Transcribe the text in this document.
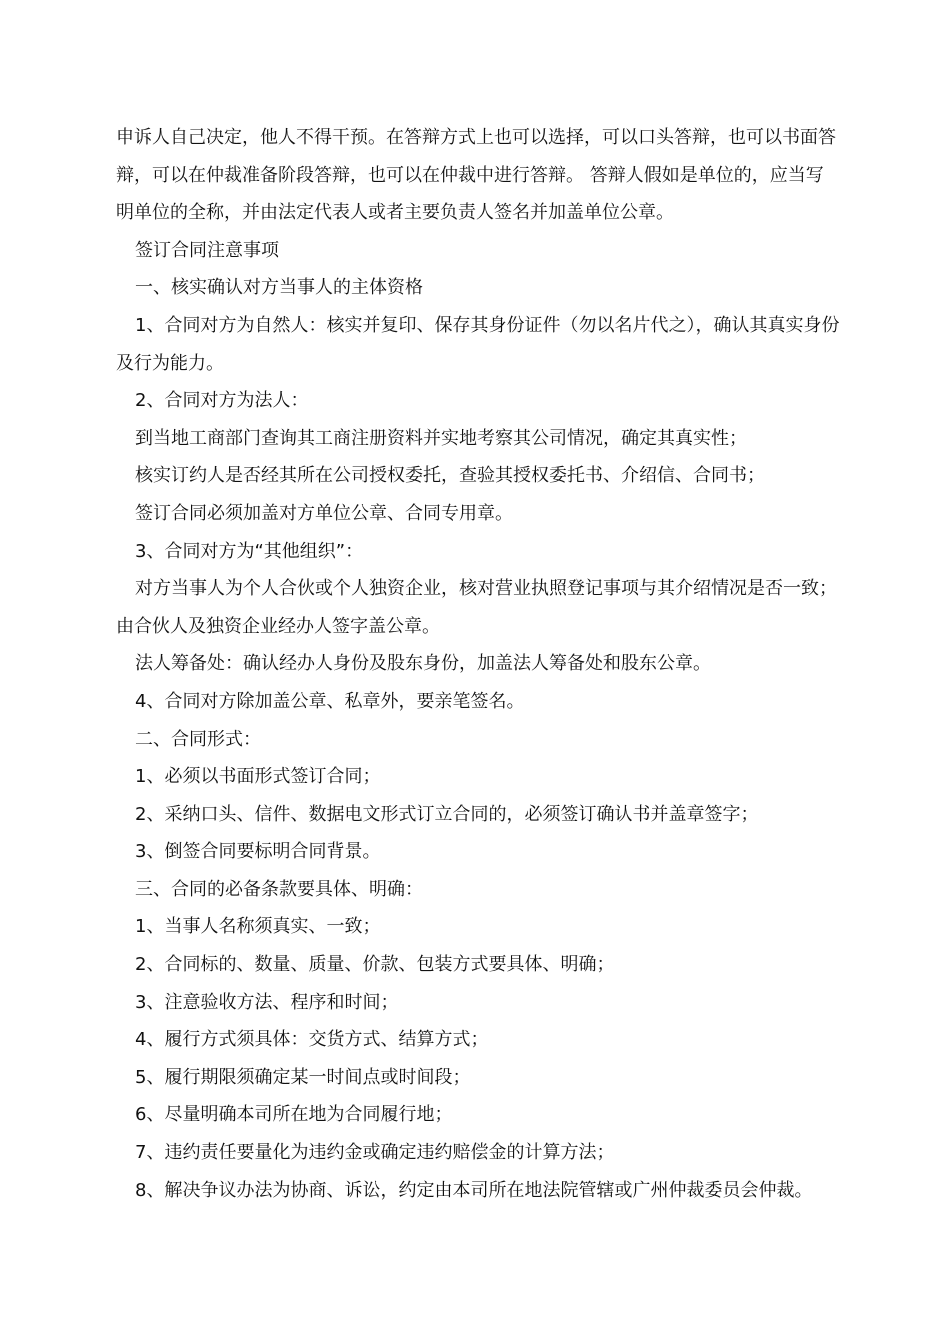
申诉人自己决定，他人不得干预。在答辩方式上也可以选择，可以口头答辩，也可以书面答辩，可以在仲裁准备阶段答辩，也可以在仲裁中进行答辩。 答辩人假如是单位的，应当写明单位的全称，并由法定代表人或者主要负责人签名并加盖单位公章。

签订合同注意事项

一、核实确认对方当事人的主体资格

1、合同对方为自然人：核实并复印、保存其身份证件（勿以名片代之），确认其真实身份及行为能力。

2、合同对方为法人：

到当地工商部门查询其工商注册资料并实地考察其公司情况，确定其真实性；

核实订约人是否经其所在公司授权委托，查验其授权委托书、介绍信、合同书；

签订合同必须加盖对方单位公章、合同专用章。

3、合同对方为“其他组织”：

对方当事人为个人合伙或个人独资企业，核对营业执照登记事项与其介绍情况是否一致；由合伙人及独资企业经办人签字盖公章。

法人筹备处：确认经办人身份及股东身份，加盖法人筹备处和股东公章。

4、合同对方除加盖公章、私章外，要亲笔签名。

二、合同形式：

1、必须以书面形式签订合同；

2、采纳口头、信件、数据电文形式订立合同的，必须签订确认书并盖章签字；

3、倒签合同要标明合同背景。

三、合同的必备条款要具体、明确：

1、当事人名称须真实、一致；

2、合同标的、数量、质量、价款、包装方式要具体、明确；

3、注意验收方法、程序和时间；

4、履行方式须具体：交货方式、结算方式；

5、履行期限须确定某一时间点或时间段；

6、尽量明确本司所在地为合同履行地；

7、违约责任要量化为违约金或确定违约赔偿金的计算方法；

8、解决争议办法为协商、诉讼，约定由本司所在地法院管辖或广州仲裁委员会仲裁。
